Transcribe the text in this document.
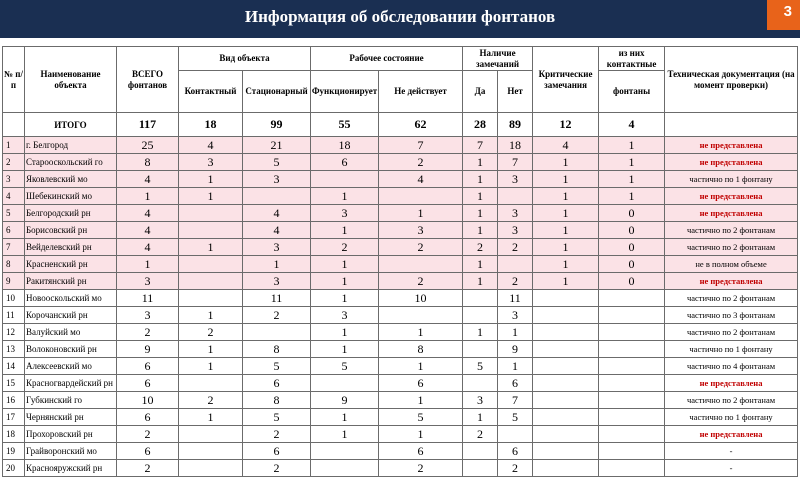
Информация об обследовании фонтанов	3
№ п/п	Наименование объекта	ВСЕГО фонтанов	Вид объекта		Рабочее состояние		Наличие замечаний		Критические замечания	из них контактные	Техническая документация (на момент проверки)
			Контактный	Стационарный	Функционирует	Не действует	Да	Нет		фонтаны	
	ИТОГО	117	18	99	55	62	28	89	12	4	
1	г. Белгород	25	4	21	18	7	7	18	4	1	не представлена
2	Старооскольский го	8	3	5	6	2	1	7	1	1	не представлена
3	Яковлевский мо	4	1	3		4	1	3	1	1	частично по 1 фонтану
4	Шебекинский мо	1	1		1		1		1	1	не представлена
5	Белгородский рн	4		4	3	1	1	3	1	0	не представлена
6	Борисовский рн	4		4	1	3	1	3	1	0	частично по 2 фонтанам
7	Вейделевский рн	4	1	3	2	2	2	2	1	0	частично по 2 фонтанам
8	Красненский рн	1		1	1		1		1	0	не в полном объеме
9	Ракитянский рн	3		3	1	2	1	2	1	0	не представлена
10	Новооскольский мо	11		11	1	10		11			частично по 2 фонтанам
11	Корочанский рн	3	1	2	3			3			частично по 3 фонтанам
12	Валуйский мо	2	2		1	1	1	1			частично по 2 фонтанам
13	Волоконовский рн	9	1	8	1	8		9			частично по 1 фонтану
14	Алексеевский мо	6	1	5	5	1	5	1			частично по 4 фонтанам
15	Красногвардейский рн	6		6		6		6			не представлена
16	Губкинский го	10	2	8	9	1	3	7			частично по 2 фонтанам
17	Чернянский рн	6	1	5	1	5	1	5			частично по 1 фонтану
18	Прохоровский рн	2		2	1	1	2				не представлена
19	Грайворонский мо	6		6		6		6			-
20	Краснояружский рн	2		2		2		2			-
